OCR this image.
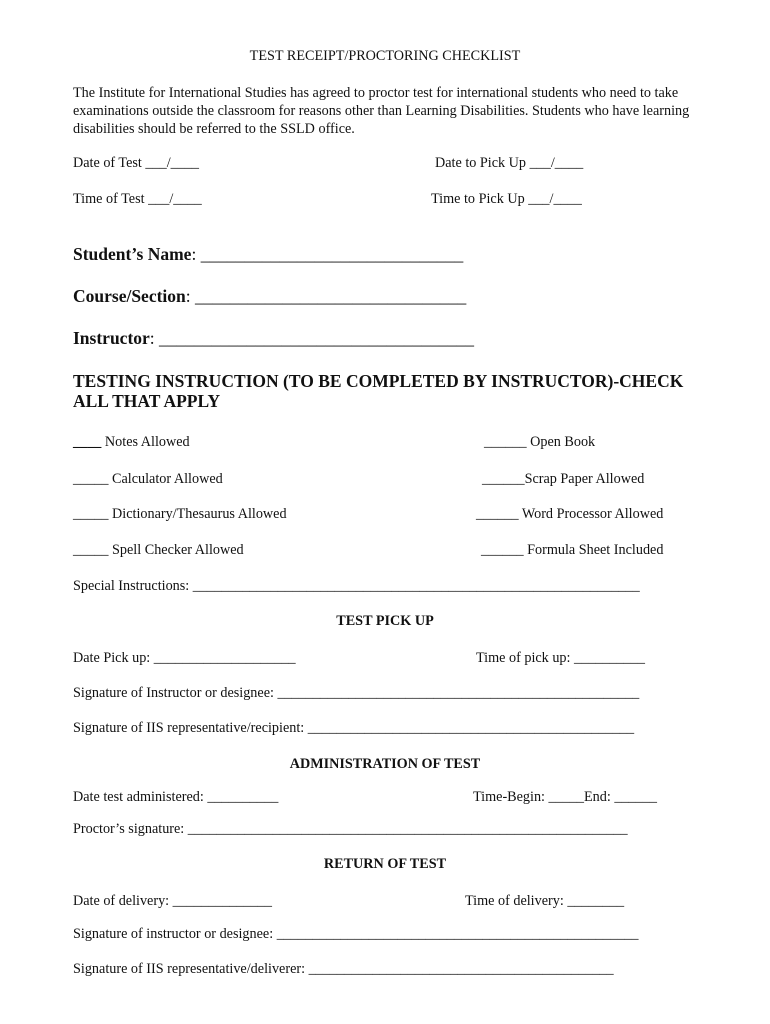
TEST RECEIPT/PROCTORING CHECKLIST
The Institute for International Studies has agreed to proctor test for international students who need to take examinations outside the classroom for reasons other than Learning Disabilities. Students who have learning disabilities should be referred to the SSLD office.
Date of Test ___/____	Date to Pick Up ___/____
Time of Test ___/____	Time to Pick Up ___/____
Student’s Name: ______________________________
Course/Section: _______________________________
Instructor: ____________________________________
TESTING INSTRUCTION (TO BE COMPLETED BY INSTRUCTOR)-CHECK ALL THAT APPLY
____ Notes Allowed	______ Open Book
_____ Calculator Allowed	______Scrap Paper Allowed
_____ Dictionary/Thesaurus Allowed	______ Word Processor Allowed
_____ Spell Checker Allowed	______ Formula Sheet Included
Special Instructions: _______________________________________________________________
TEST PICK UP
Date Pick up: ____________________	Time of pick up: __________
Signature of Instructor or designee: ___________________________________________________
Signature of IIS representative/recipient: ______________________________________________
ADMINISTRATION OF TEST
Date test administered: __________	Time-Begin: _____End: ______
Proctor’s signature: ______________________________________________________________
RETURN OF TEST
Date of delivery: ______________	Time of delivery: ________
Signature of instructor or designee: ___________________________________________________
Signature of IIS representative/deliverer: ___________________________________________
